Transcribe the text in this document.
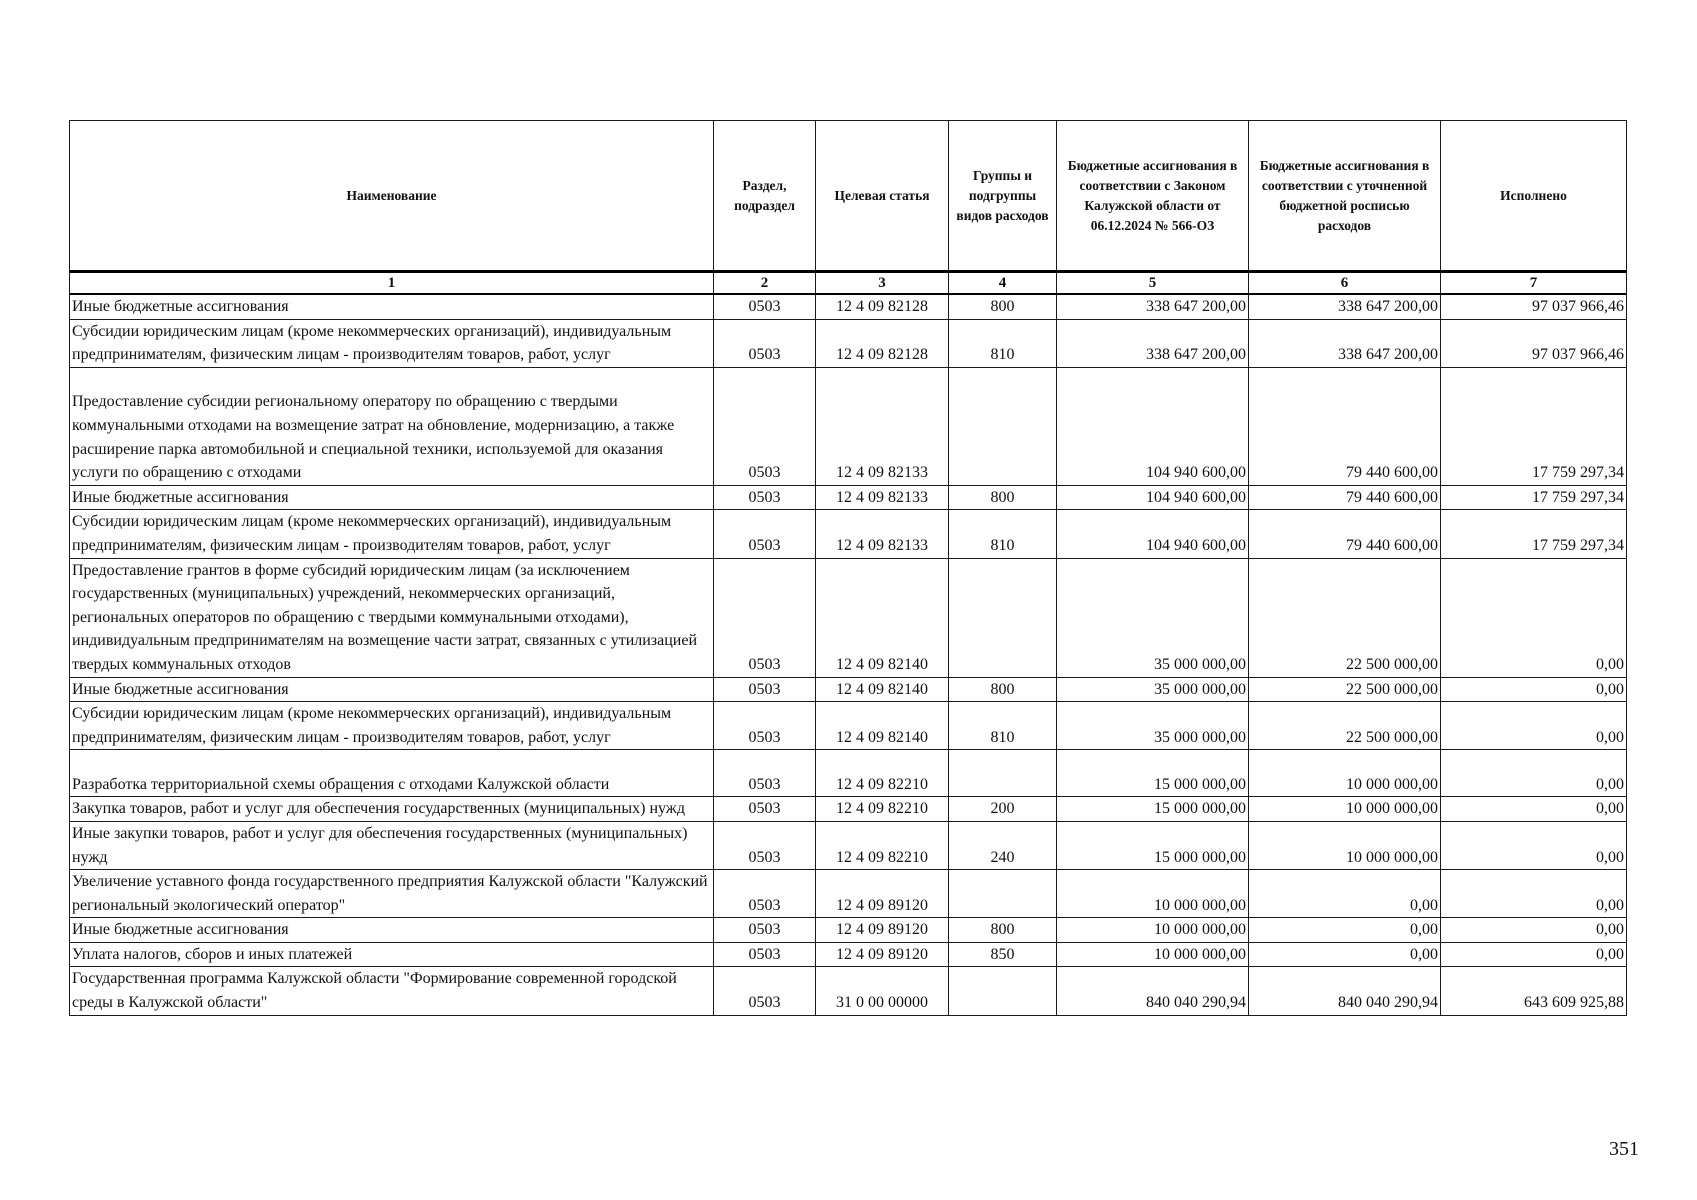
Наименование	Раздел, подраздел	Целевая статья	Группы и подгруппы видов расходов	Бюджетные ассигнования в соответствии с Законом Калужской области от 06.12.2024 № 566-ОЗ	Бюджетные ассигнования в соответствии с уточненной бюджетной росписью расходов	Исполнено
1	2	3	4	5	6	7
Иные бюджетные ассигнования	0503	12 4 09 82128	800	338 647 200,00	338 647 200,00	97 037 966,46
Субсидии юридическим лицам (кроме некоммерческих организаций), индивидуальным предпринимателям, физическим лицам - производителям товаров, работ, услуг	0503	12 4 09 82128	810	338 647 200,00	338 647 200,00	97 037 966,46
Предоставление субсидии региональному оператору по обращению с твердыми коммунальными отходами на возмещение затрат на обновление, модернизацию, а также расширение парка автомобильной и специальной техники, используемой для оказания услуги по обращению с отходами	0503	12 4 09 82133		104 940 600,00	79 440 600,00	17 759 297,34
Иные бюджетные ассигнования	0503	12 4 09 82133	800	104 940 600,00	79 440 600,00	17 759 297,34
Субсидии юридическим лицам (кроме некоммерческих организаций), индивидуальным предпринимателям, физическим лицам - производителям товаров, работ, услуг	0503	12 4 09 82133	810	104 940 600,00	79 440 600,00	17 759 297,34
Предоставление грантов в форме субсидий юридическим лицам (за исключением государственных (муниципальных) учреждений, некоммерческих организаций, региональных операторов по обращению с твердыми коммунальными отходами), индивидуальным предпринимателям на возмещение части затрат, связанных с утилизацией твердых коммунальных отходов	0503	12 4 09 82140		35 000 000,00	22 500 000,00	0,00
Иные бюджетные ассигнования	0503	12 4 09 82140	800	35 000 000,00	22 500 000,00	0,00
Субсидии юридическим лицам (кроме некоммерческих организаций), индивидуальным предпринимателям, физическим лицам - производителям товаров, работ, услуг	0503	12 4 09 82140	810	35 000 000,00	22 500 000,00	0,00
Разработка территориальной схемы обращения с отходами Калужской области	0503	12 4 09 82210		15 000 000,00	10 000 000,00	0,00
Закупка товаров, работ и услуг для обеспечения государственных (муниципальных) нужд	0503	12 4 09 82210	200	15 000 000,00	10 000 000,00	0,00
Иные закупки товаров, работ и услуг для обеспечения государственных (муниципальных) нужд	0503	12 4 09 82210	240	15 000 000,00	10 000 000,00	0,00
Увеличение уставного фонда государственного предприятия Калужской области "Калужский региональный экологический оператор"	0503	12 4 09 89120		10 000 000,00	0,00	0,00
Иные бюджетные ассигнования	0503	12 4 09 89120	800	10 000 000,00	0,00	0,00
Уплата налогов, сборов и иных платежей	0503	12 4 09 89120	850	10 000 000,00	0,00	0,00
Государственная программа Калужской области "Формирование современной городской среды в Калужской области"	0503	31 0 00 00000		840 040 290,94	840 040 290,94	643 609 925,88
351
